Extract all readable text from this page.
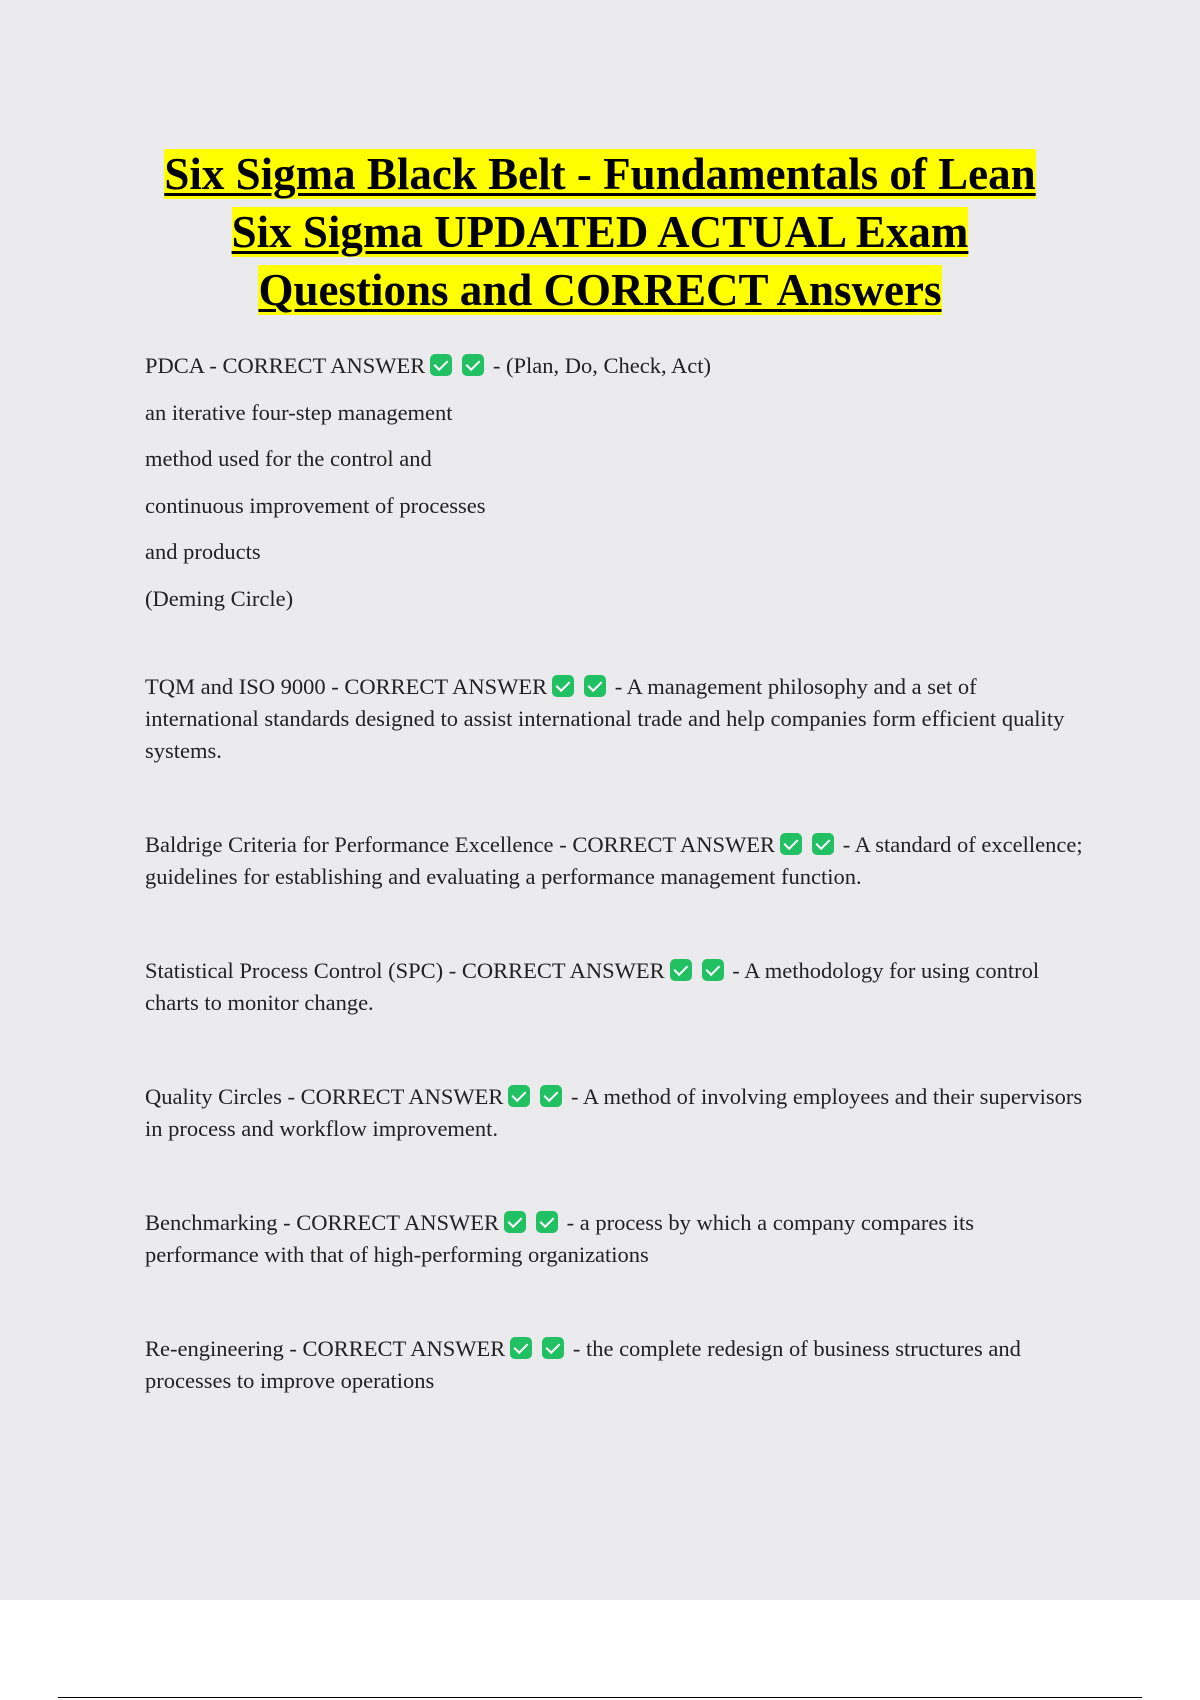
Six Sigma Black Belt - Fundamentals of Lean
Six Sigma UPDATED ACTUAL Exam
Questions and CORRECT Answers

PDCA - CORRECT ANSWER	- (Plan, Do, Check, Act)

an iterative four-step management

method used for the control and

continuous improvement of processes

and products

(Deming Circle)

TQM and ISO 9000 - CORRECT ANSWER	- A management philosophy and a set of international standards designed to assist international trade and help companies form efficient quality systems.

Baldrige Criteria for Performance Excellence - CORRECT ANSWER	- A standard of excellence; guidelines for establishing and evaluating a performance management function.

Statistical Process Control (SPC) - CORRECT ANSWER	- A methodology for using control charts to monitor change.

Quality Circles - CORRECT ANSWER	- A method of involving employees and their supervisors in process and workflow improvement.

Benchmarking - CORRECT ANSWER	- a process by which a company compares its performance with that of high-performing organizations

Re-engineering - CORRECT ANSWER	- the complete redesign of business structures and processes to improve operations
